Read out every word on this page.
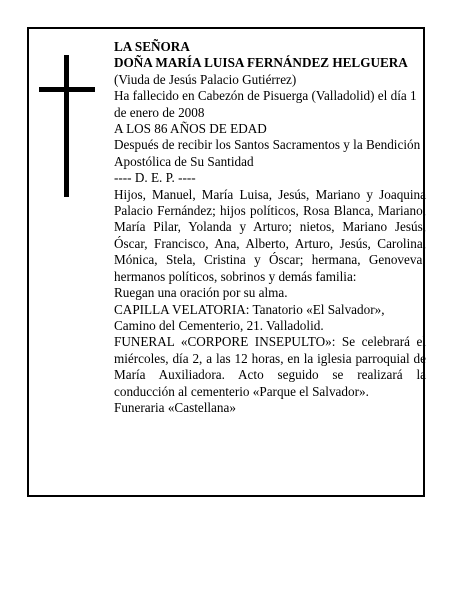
LA SEÑORA

DOÑA MARÍA LUISA FERNÁNDEZ HELGUERA

(Viuda de Jesús Palacio Gutiérrez)

Ha fallecido en Cabezón de Pisuerga (Valladolid) el día 1 de enero de 2008

A LOS 86 AÑOS DE EDAD

Después de recibir los Santos Sacramentos y la Bendición Apostólica de Su Santidad

---- D. E. P. ----

Hijos, Manuel, María Luisa, Jesús, Mariano y Joaquina Palacio Fernández; hijos políticos, Rosa Blanca, Mariano, María Pilar, Yolanda y Arturo; nietos, Mariano Jesús, Óscar, Francisco, Ana, Alberto, Arturo, Jesús, Carolina, Mónica, Stela, Cristina y Óscar; hermana, Genoveva; hermanos políticos, sobrinos y demás familia:

Ruegan una oración por su alma.

CAPILLA VELATORIA: Tanatorio «El Salvador», Camino del Cementerio, 21. Valladolid.

FUNERAL «CORPORE INSEPULTO»: Se celebrará el miércoles, día 2, a las 12 horas, en la iglesia parroquial de María Auxiliadora. Acto seguido se realizará la conducción al cementerio «Parque el Salvador».

Funeraria «Castellana»
